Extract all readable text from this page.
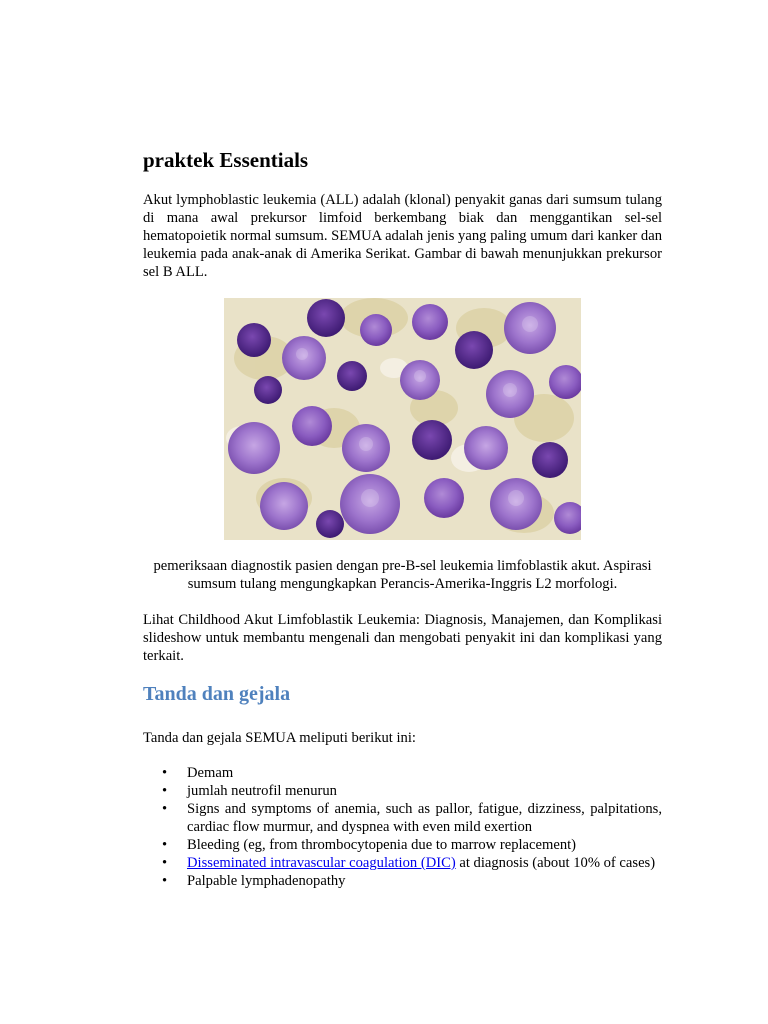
praktek Essentials

Akut lymphoblastic leukemia (ALL) adalah (klonal) penyakit ganas dari sumsum tulang di mana awal prekursor limfoid berkembang biak dan menggantikan sel-sel hematopoietik normal sumsum. SEMUA adalah jenis yang paling umum dari kanker dan leukemia pada anak-anak di Amerika Serikat. Gambar di bawah menunjukkan prekursor sel B ALL.

pemeriksaan diagnostik pasien dengan pre-B-sel leukemia limfoblastik akut. Aspirasi sumsum tulang mengungkapkan Perancis-Amerika-Inggris L2 morfologi.

Lihat Childhood Akut Limfoblastik Leukemia: Diagnosis, Manajemen, dan Komplikasi slideshow untuk membantu mengenali dan mengobati penyakit ini dan komplikasi yang terkait.

Tanda dan gejala

Tanda dan gejala SEMUA meliputi berikut ini:

• Demam
• jumlah neutrofil menurun
• Signs and symptoms of anemia, such as pallor, fatigue, dizziness, palpitations, cardiac flow murmur, and dyspnea with even mild exertion
• Bleeding (eg, from thrombocytopenia due to marrow replacement)
• Disseminated intravascular coagulation (DIC) at diagnosis (about 10% of cases)
• Palpable lymphadenopathy
